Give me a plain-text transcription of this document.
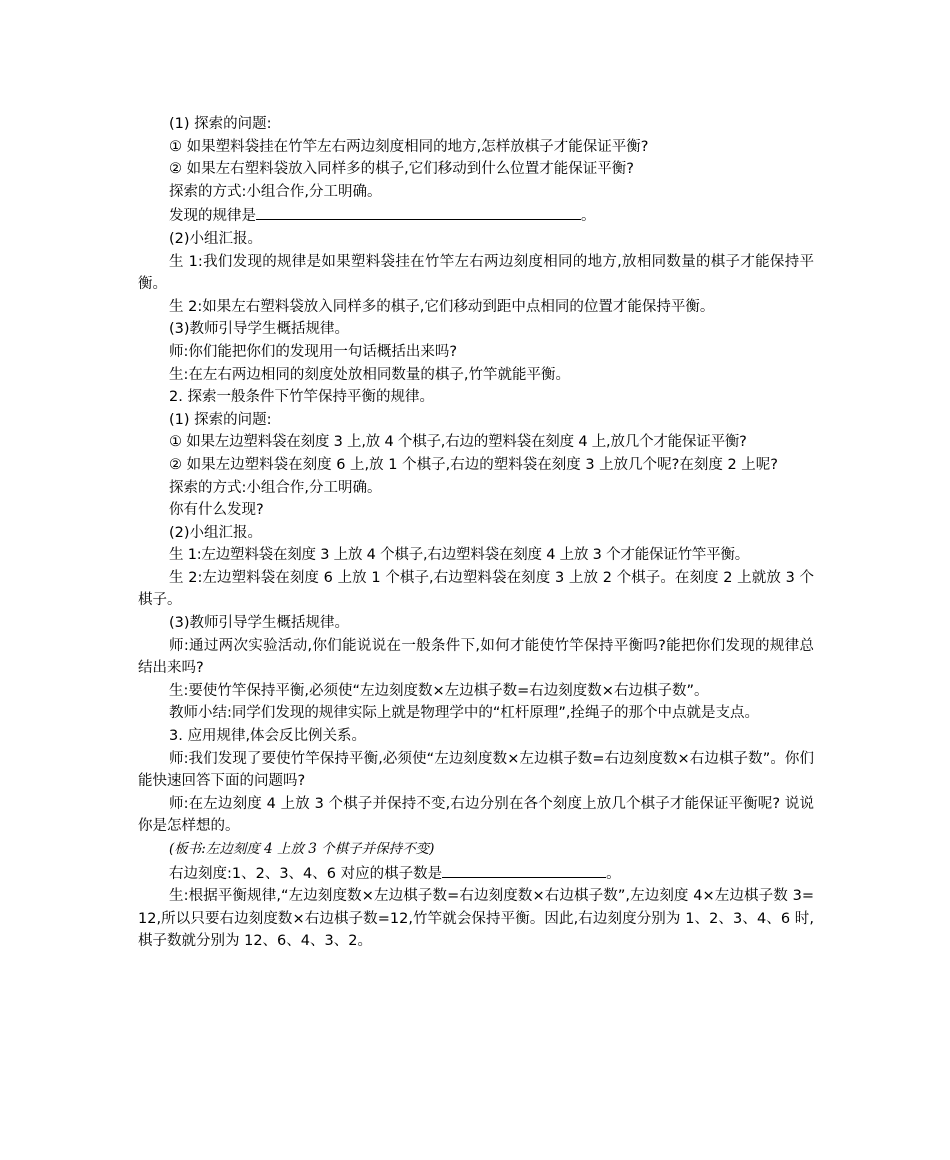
(1) 探索的问题:

① 如果塑料袋挂在竹竿左右两边刻度相同的地方,怎样放棋子才能保证平衡?

② 如果左右塑料袋放入同样多的棋子,它们移动到什么位置才能保证平衡?

探索的方式:小组合作,分工明确。

发现的规律是	。

(2)小组汇报。

生 1:我们发现的规律是如果塑料袋挂在竹竿左右两边刻度相同的地方,放相同数量的棋子才能保持平衡。

生 2:如果左右塑料袋放入同样多的棋子,它们移动到距中点相同的位置才能保持平衡。

(3)教师引导学生概括规律。

师:你们能把你们的发现用一句话概括出来吗?

生:在左右两边相同的刻度处放相同数量的棋子,竹竿就能平衡。

2. 探索一般条件下竹竿保持平衡的规律。

(1) 探索的问题:

① 如果左边塑料袋在刻度 3 上,放 4 个棋子,右边的塑料袋在刻度 4 上,放几个才能保证平衡?

② 如果左边塑料袋在刻度 6 上,放 1 个棋子,右边的塑料袋在刻度 3 上放几个呢?在刻度 2 上呢?

探索的方式:小组合作,分工明确。

你有什么发现?

(2)小组汇报。

生 1:左边塑料袋在刻度 3 上放 4 个棋子,右边塑料袋在刻度 4 上放 3 个才能保证竹竿平衡。

生 2:左边塑料袋在刻度 6 上放 1 个棋子,右边塑料袋在刻度 3 上放 2 个棋子。在刻度 2 上就放 3 个棋子。

(3)教师引导学生概括规律。

师:通过两次实验活动,你们能说说在一般条件下,如何才能使竹竿保持平衡吗?能把你们发现的规律总结出来吗?

生:要使竹竿保持平衡,必须使“左边刻度数×左边棋子数=右边刻度数×右边棋子数”。

教师小结:同学们发现的规律实际上就是物理学中的“杠杆原理”,拴绳子的那个中点就是支点。

3. 应用规律,体会反比例关系。

师:我们发现了要使竹竿保持平衡,必须使“左边刻度数×左边棋子数=右边刻度数×右边棋子数”。你们能快速回答下面的问题吗?

师:在左边刻度 4 上放 3 个棋子并保持不变,右边分别在各个刻度上放几个棋子才能保证平衡呢? 说说你是怎样想的。

(板书:左边刻度 4 上放 3 个棋子并保持不变)

右边刻度:1、2、3、4、6 对应的棋子数是	。

生:根据平衡规律,“左边刻度数×左边棋子数=右边刻度数×右边棋子数”,左边刻度 4×左边棋子数 3=12,所以只要右边刻度数×右边棋子数=12,竹竿就会保持平衡。因此,右边刻度分别为 1、2、3、4、6 时,棋子数就分别为 12、6、4、3、2。
